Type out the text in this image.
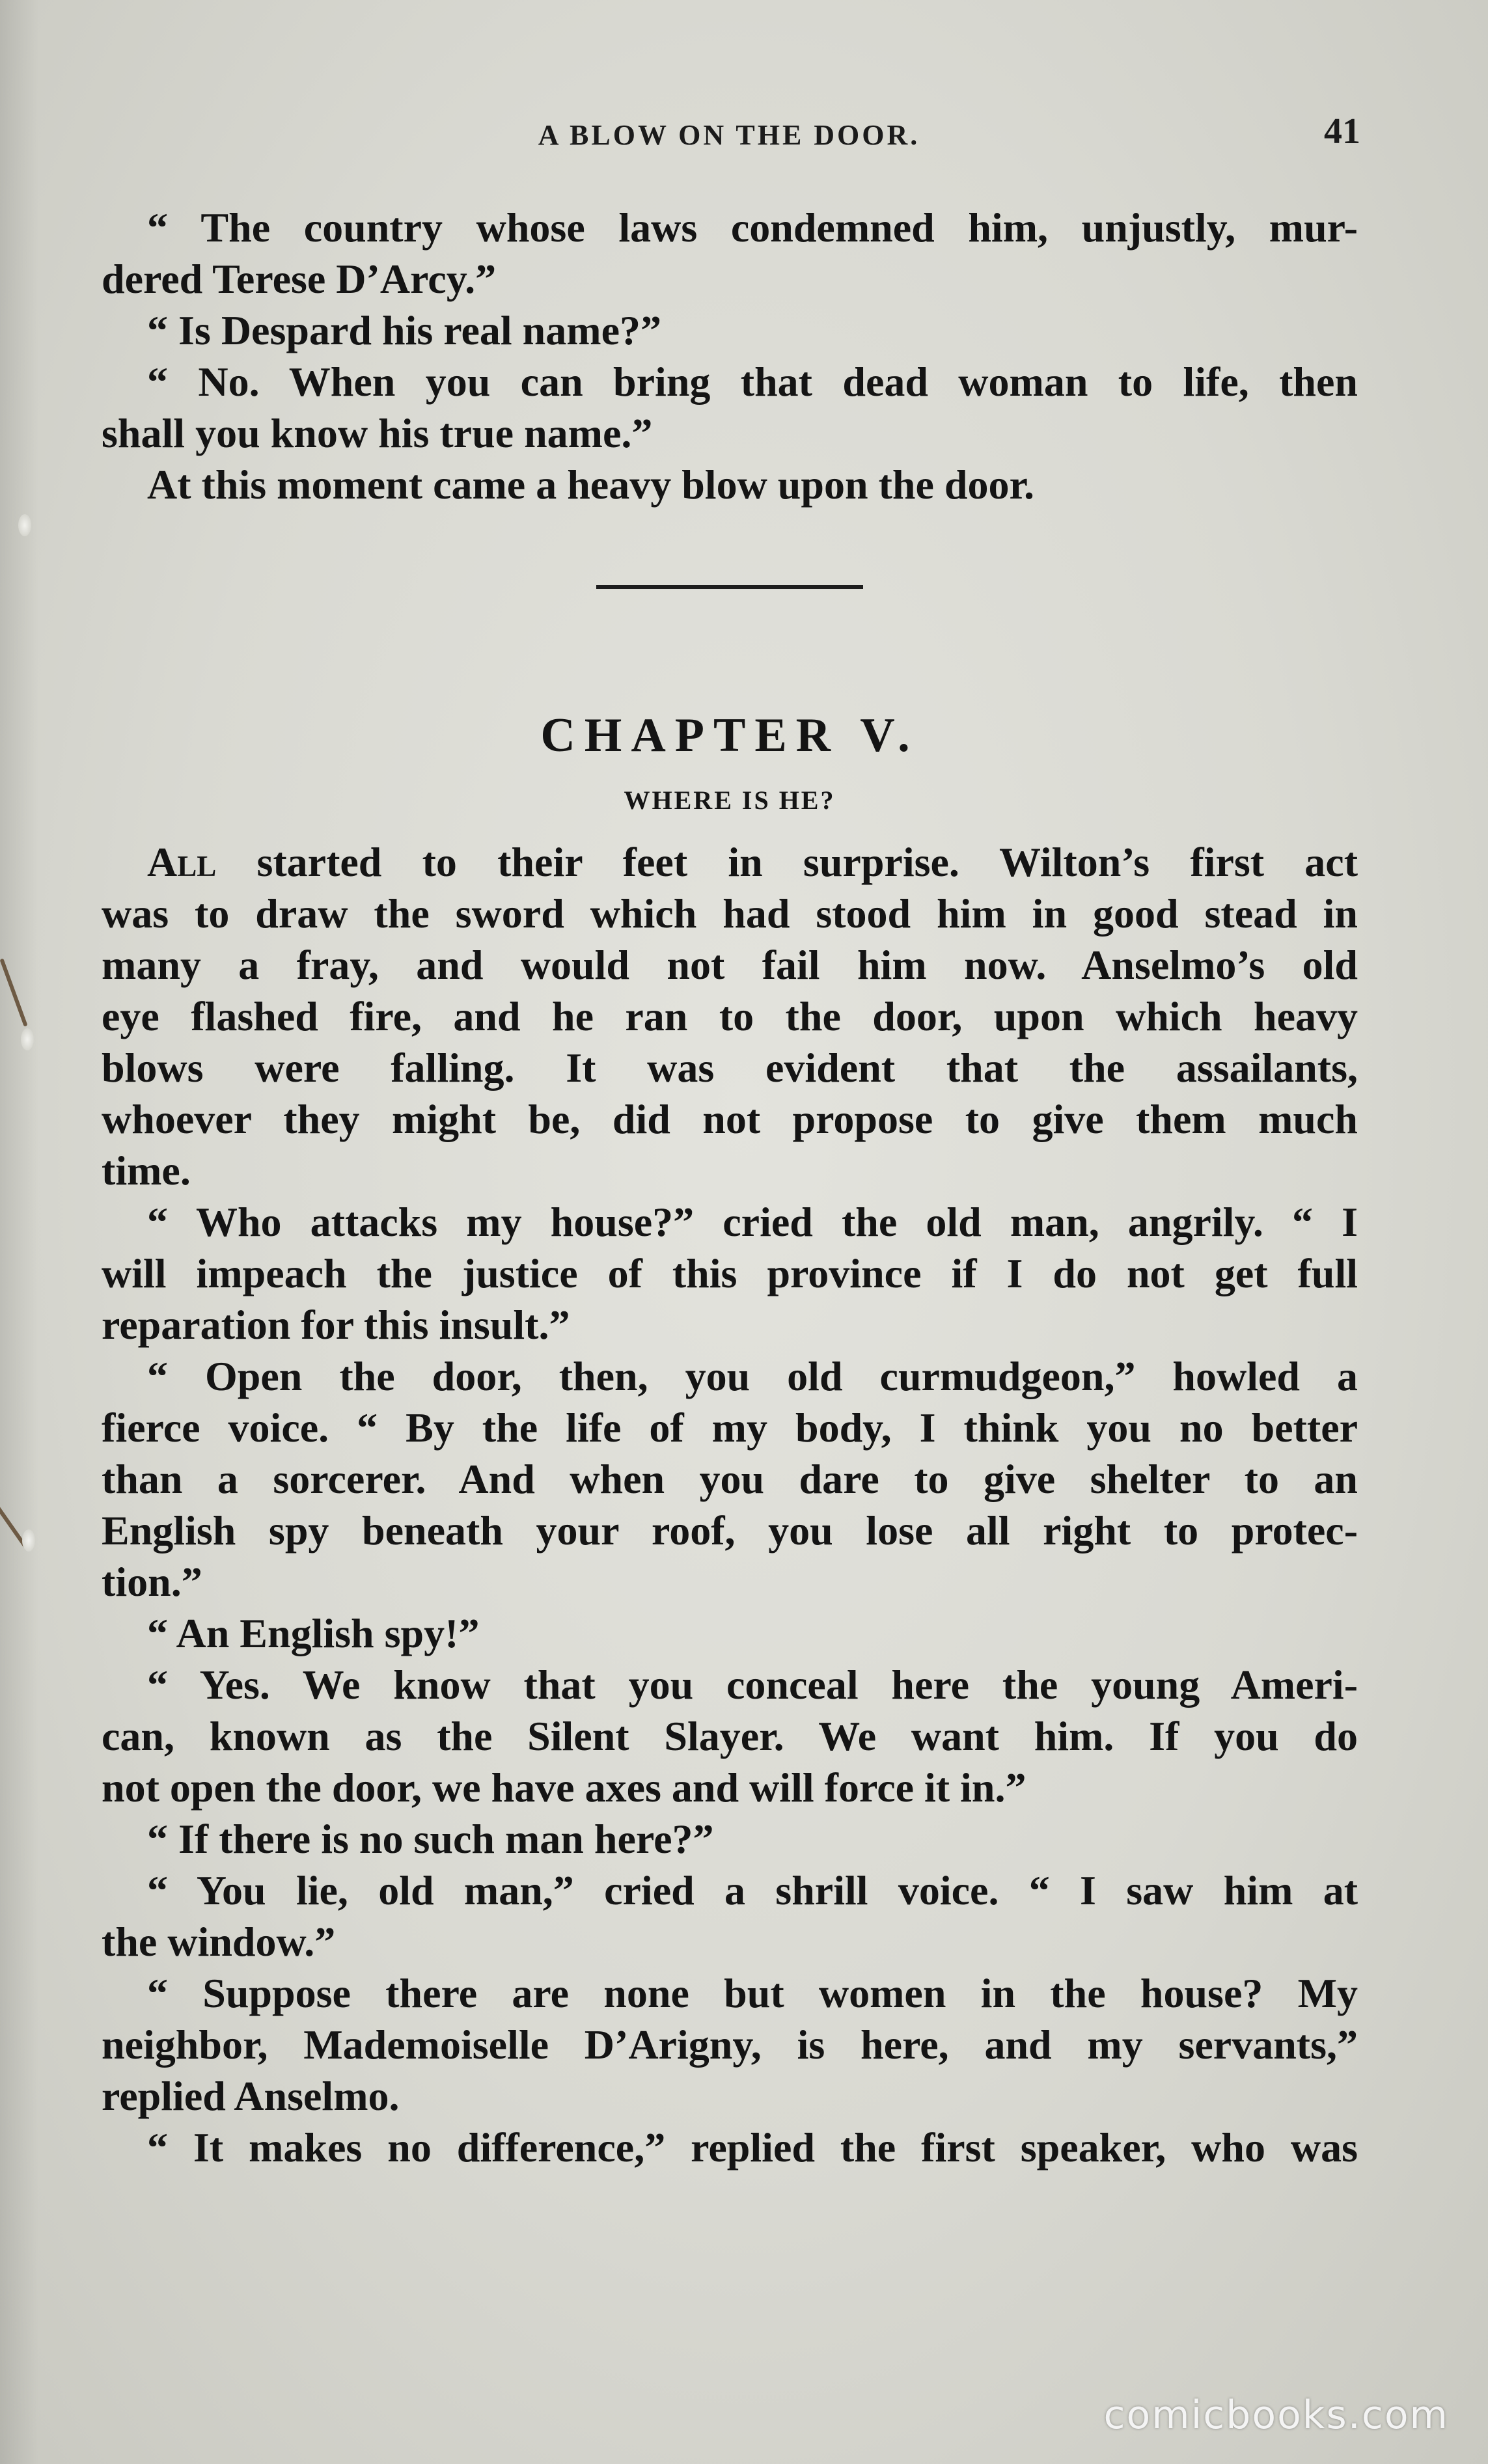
A BLOW ON THE DOOR.	41
“ The country whose laws condemned him, unjustly, mur-
dered Terese D’Arcy.”
“ Is Despard his real name?”
“ No. When you can bring that dead woman to life, then
shall you know his true name.”
At this moment came a heavy blow upon the door.
CHAPTER V.
WHERE IS HE?
All started to their feet in surprise. Wilton’s first act
was to draw the sword which had stood him in good stead in
many a fray, and would not fail him now. Anselmo’s old
eye flashed fire, and he ran to the door, upon which heavy
blows were falling. It was evident that the assailants,
whoever they might be, did not propose to give them much
time.
“ Who attacks my house?” cried the old man, angrily. “ I
will impeach the justice of this province if I do not get full
reparation for this insult.”
“ Open the door, then, you old curmudgeon,” howled a
fierce voice. “ By the life of my body, I think you no better
than a sorcerer. And when you dare to give shelter to an
English spy beneath your roof, you lose all right to protec-
tion.”
“ An English spy!”
“ Yes. We know that you conceal here the young Ameri-
can, known as the Silent Slayer. We want him. If you do
not open the door, we have axes and will force it in.”
“ If there is no such man here?”
“ You lie, old man,” cried a shrill voice. “ I saw him at
the window.”
“ Suppose there are none but women in the house? My
neighbor, Mademoiselle D’Arigny, is here, and my servants,”
replied Anselmo.
“ It makes no difference,” replied the first speaker, who was
comicbooks.com
